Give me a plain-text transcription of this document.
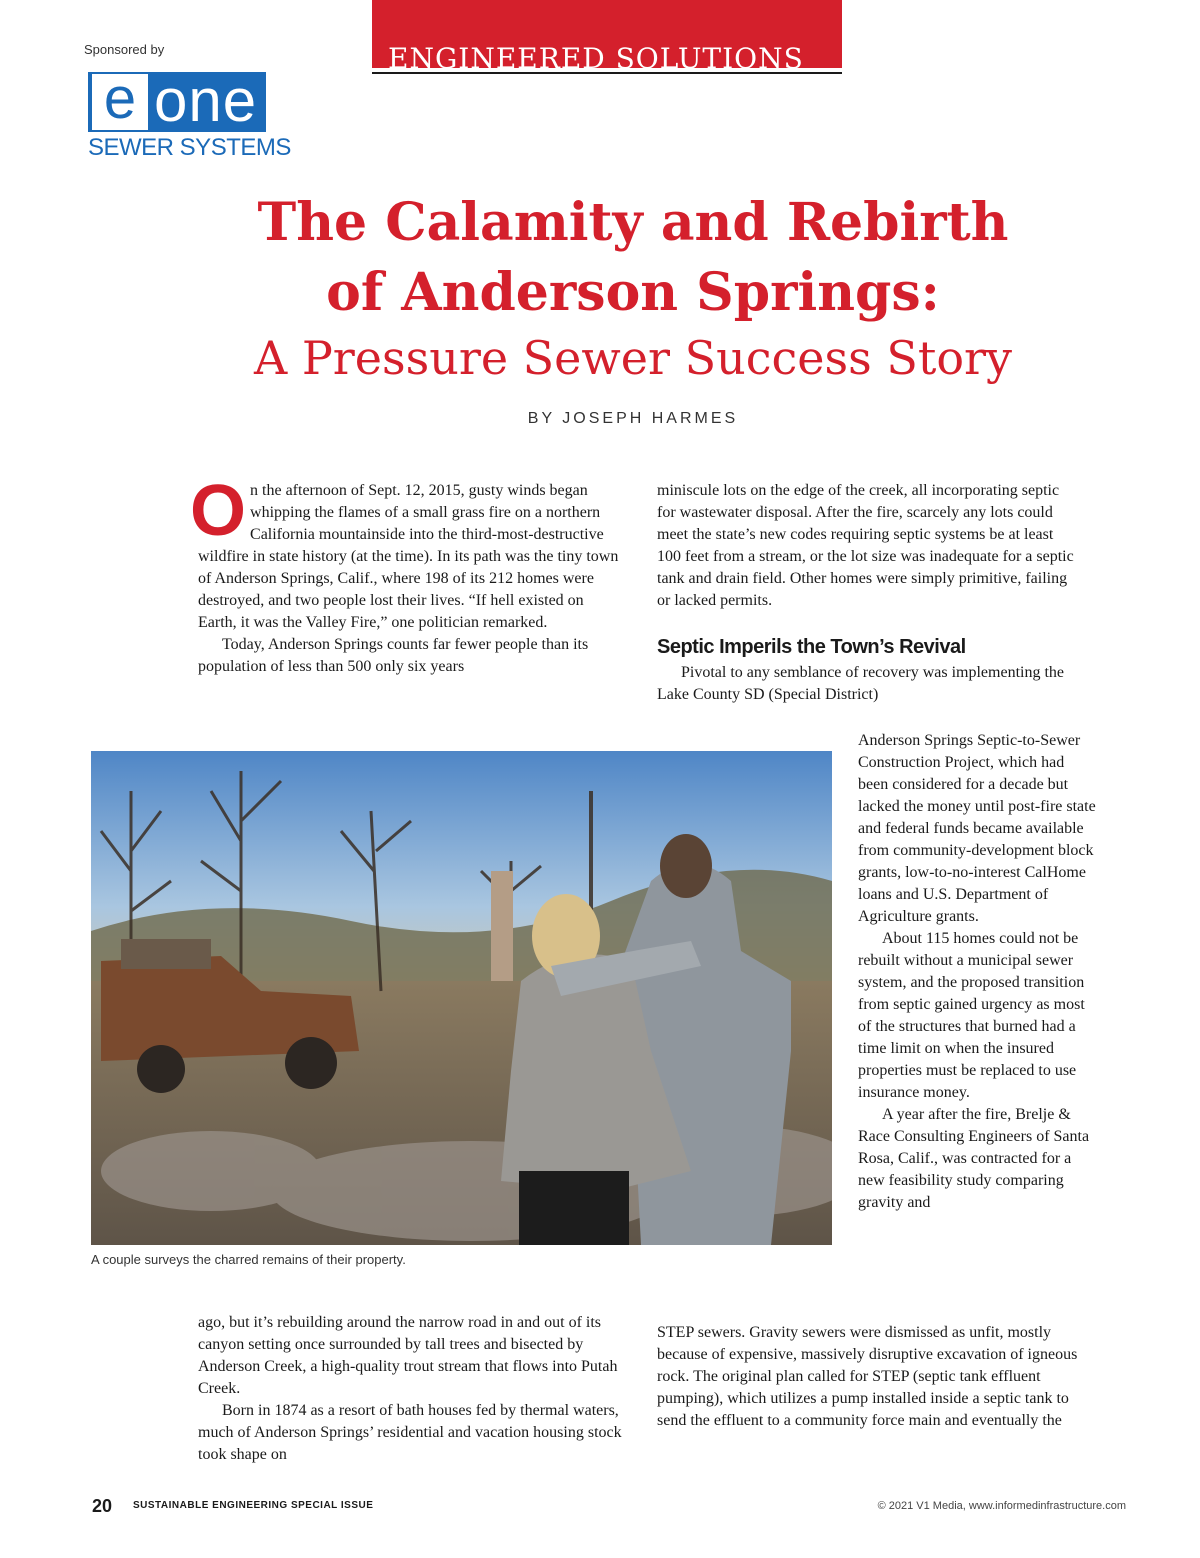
Sponsored by
e one
SEWER SYSTEMS
ENGINEERED SOLUTIONS
The Calamity and Rebirth
of Anderson Springs:
A Pressure Sewer Success Story
BY JOSEPH HARMES

On the afternoon of Sept. 12, 2015, gusty winds began whipping the flames of a small grass fire on a northern California mountainside into the third-most-destructive wildfire in state history (at the time). In its path was the tiny town of Anderson Springs, Calif., where 198 of its 212 homes were destroyed, and two people lost their lives. “If hell existed on Earth, it was the Valley Fire,” one politician remarked.

Today, Anderson Springs counts far fewer people than its population of less than 500 only six years

miniscule lots on the edge of the creek, all incorporating septic for wastewater disposal. After the fire, scarcely any lots could meet the state’s new codes requiring septic systems be at least 100 feet from a stream, or the lot size was inadequate for a septic tank and drain field. Other homes were simply primitive, failing or lacked permits.

Septic Imperils the Town’s Revival

Pivotal to any semblance of recovery was implementing the Lake County SD (Special District)

Anderson Springs Septic-to-Sewer Construction Project, which had been considered for a decade but lacked the money until post-fire state and federal funds became available from community-development block grants, low-to-no-interest CalHome loans and U.S. Department of Agriculture grants.

About 115 homes could not be rebuilt without a municipal sewer system, and the proposed transition from septic gained urgency as most of the structures that burned had a time limit on when the insured properties must be replaced to use insurance money.

A year after the fire, Brelje & Race Consulting Engineers of Santa Rosa, Calif., was contracted for a new feasibility study comparing gravity and

A couple surveys the charred remains of their property.

ago, but it’s rebuilding around the narrow road in and out of its canyon setting once surrounded by tall trees and bisected by Anderson Creek, a high-quality trout stream that flows into Putah Creek.

Born in 1874 as a resort of bath houses fed by thermal waters, much of Anderson Springs’ residential and vacation housing stock took shape on

STEP sewers. Gravity sewers were dismissed as unfit, mostly because of expensive, massively disruptive excavation of igneous rock. The original plan called for STEP (septic tank effluent pumping), which utilizes a pump installed inside a septic tank to send the effluent to a community force main and eventually the

20 SUSTAINABLE ENGINEERING SPECIAL ISSUE	© 2021 V1 Media, www.informedinfrastructure.com
